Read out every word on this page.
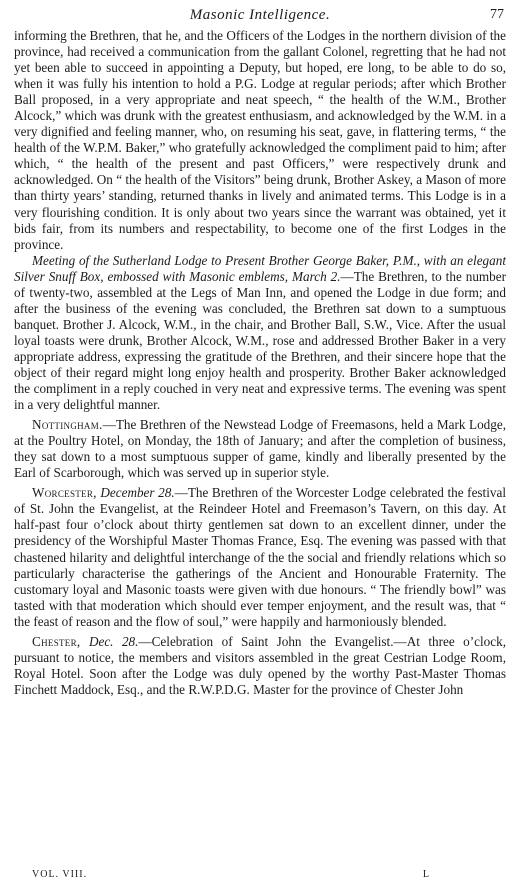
Masonic Intelligence.	77

informing the Brethren, that he, and the Officers of the Lodges in the northern division of the province, had received a communication from the gallant Colonel, regretting that he had not yet been able to succeed in appointing a Deputy, but hoped, ere long, to be able to do so, when it was fully his intention to hold a P.G. Lodge at regular periods; after which Brother Ball proposed, in a very appropriate and neat speech, “ the health of the W.M., Brother Alcock,” which was drunk with the greatest enthusiasm, and acknowledged by the W.M. in a very dignified and feeling manner, who, on resuming his seat, gave, in flattering terms, “ the health of the W.P.M. Baker,” who gratefully acknowledged the compliment paid to him; after which, “ the health of the present and past Officers,” were respectively drunk and acknowledged. On “ the health of the Visitors” being drunk, Brother Askey, a Mason of more than thirty years’ standing, returned thanks in lively and animated terms. This Lodge is in a very flourishing condition. It is only about two years since the warrant was obtained, yet it bids fair, from its numbers and respectability, to become one of the first Lodges in the province.

Meeting of the Sutherland Lodge to Present Brother George Baker, P.M., with an elegant Silver Snuff Box, embossed with Masonic emblems, March 2.—The Brethren, to the number of twenty-two, assembled at the Legs of Man Inn, and opened the Lodge in due form; and after the business of the evening was concluded, the Brethren sat down to a sumptuous banquet. Brother J. Alcock, W.M., in the chair, and Brother Ball, S.W., Vice. After the usual loyal toasts were drunk, Brother Alcock, W.M., rose and addressed Brother Baker in a very appropriate address, expressing the gratitude of the Brethren, and their sincere hope that the object of their regard might long enjoy health and prosperity. Brother Baker acknowledged the compliment in a reply couched in very neat and expressive terms. The evening was spent in a very delightful manner.

Nottingham.—The Brethren of the Newstead Lodge of Freemasons, held a Mark Lodge, at the Poultry Hotel, on Monday, the 18th of January; and after the completion of business, they sat down to a most sumptuous supper of game, kindly and liberally presented by the Earl of Scarborough, which was served up in superior style.

Worcester, December 28.—The Brethren of the Worcester Lodge celebrated the festival of St. John the Evangelist, at the Reindeer Hotel and Freemason’s Tavern, on this day. At half-past four o’clock about thirty gentlemen sat down to an excellent dinner, under the presidency of the Worshipful Master Thomas France, Esq. The evening was passed with that chastened hilarity and delightful interchange of the the social and friendly relations which so particularly characterise the gatherings of the Ancient and Honourable Fraternity. The customary loyal and Masonic toasts were given with due honours. “ The friendly bowl” was tasted with that moderation which should ever temper enjoyment, and the result was, that “ the feast of reason and the flow of soul,” were happily and harmoniously blended.

Chester, Dec. 28.—Celebration of Saint John the Evangelist.—At three o’clock, pursuant to notice, the members and visitors assembled in the great Cestrian Lodge Room, Royal Hotel. Soon after the Lodge was duly opened by the worthy Past-Master Thomas Finchett Maddock, Esq., and the R.W.P.D.G. Master for the province of Chester John

VOL. VIII.	L
